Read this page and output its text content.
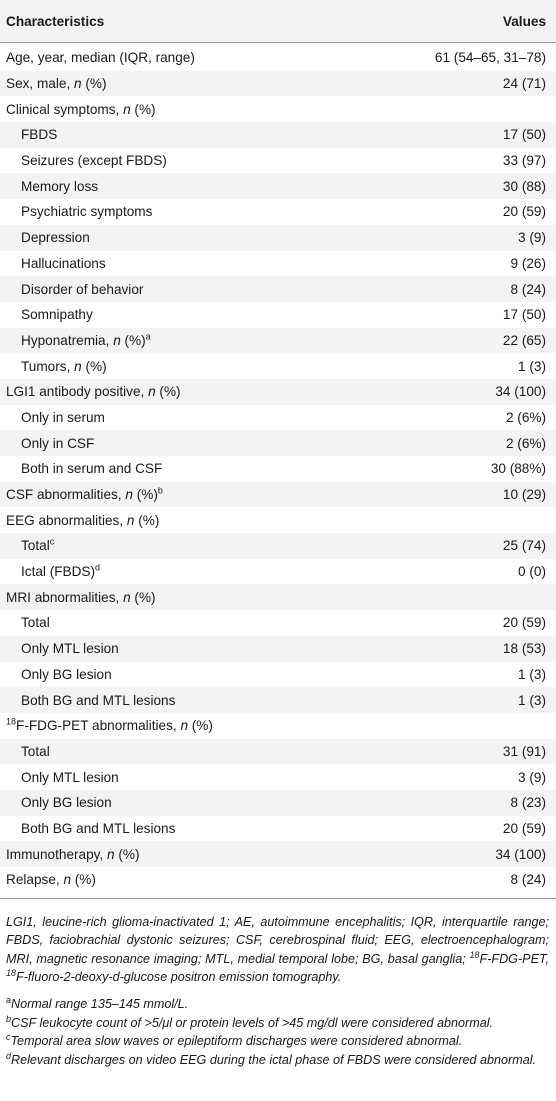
Characteristics	Values
Age, year, median (IQR, range)	61 (54–65, 31–78)
Sex, male, n (%)	24 (71)
Clinical symptoms, n (%)
FBDS	17 (50)
Seizures (except FBDS)	33 (97)
Memory loss	30 (88)
Psychiatric symptoms	20 (59)
Depression	3 (9)
Hallucinations	9 (26)
Disorder of behavior	8 (24)
Somnipathy	17 (50)
Hyponatremia, n (%)$^a$	22 (65)
Tumors, n (%)	1 (3)
LGI1 antibody positive, n (%)	34 (100)
Only in serum	2 (6%)
Only in CSF	2 (6%)
Both in serum and CSF	30 (88%)
CSF abnormalities, n (%)$^b$	10 (29)
EEG abnormalities, n (%)
Total$^c$	25 (74)
Ictal (FBDS)$^d$	0 (0)
MRI abnormalities, n (%)
Total	20 (59)
Only MTL lesion	18 (53)
Only BG lesion	1 (3)
Both BG and MTL lesions	1 (3)
$^{18}$F-FDG-PET abnormalities, n (%)
Total	31 (91)
Only MTL lesion	3 (9)
Only BG lesion	8 (23)
Both BG and MTL lesions	20 (59)
Immunotherapy, n (%)	34 (100)
Relapse, n (%)	8 (24)

LGI1, leucine-rich glioma-inactivated 1; AE, autoimmune encephalitis; IQR, interquartile range; FBDS, faciobrachial dystonic seizures; CSF, cerebrospinal fluid; EEG, electroencephalogram; MRI, magnetic resonance imaging; MTL, medial temporal lobe; BG, basal ganglia; $^{18}$F-FDG-PET, $^{18}$F-fluoro-2-deoxy-d-glucose positron emission tomography.

$^a$Normal range 135–145 mmol/L.

$^b$CSF leukocyte count of >5/μl or protein levels of >45 mg/dl were considered abnormal.

$^c$Temporal area slow waves or epileptiform discharges were considered abnormal.

$^d$Relevant discharges on video EEG during the ictal phase of FBDS were considered abnormal.
